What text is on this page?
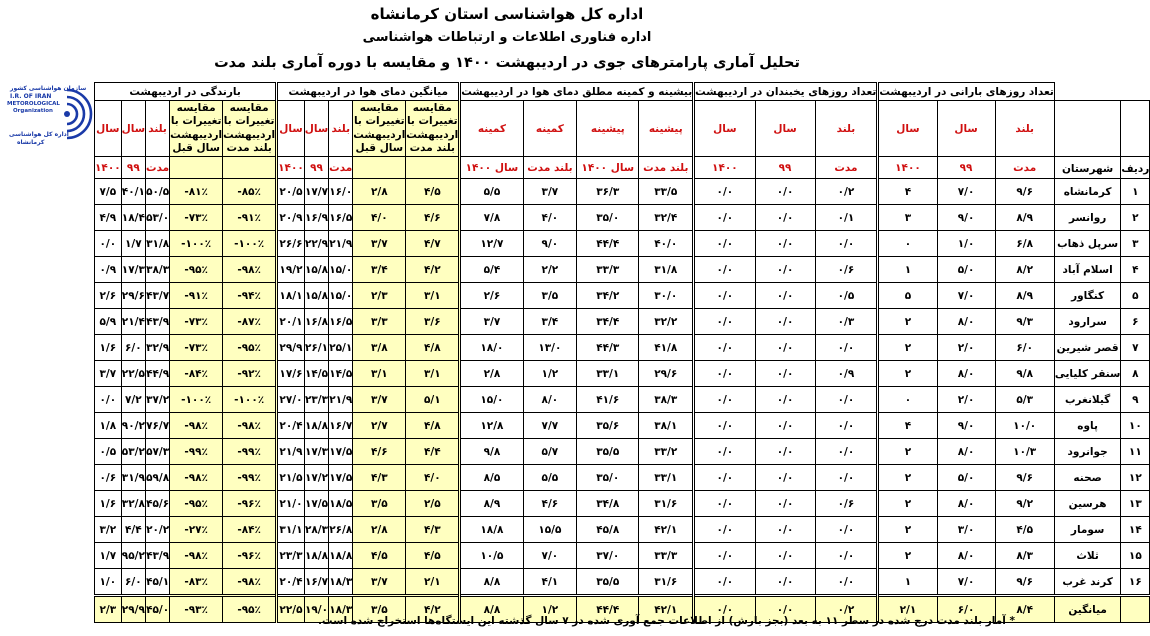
اداره کل هواشناسی استان کرمانشاه
اداره فناوری اطلاعات و ارتباطات هواشناسی
تحلیل آماری پارامترهای جوی در اردیبهشت ۱۴۰۰ و مقایسه با دوره آماری بلند مدت
سازمان هواشناسی کشور
I.R. OF IRAN
METOROLOGICAL
Organization
اداره کل هواشناسی
کرمانشاه
بارندگی در اردیبهشت					میانگین دمای هوا در اردیبهشت					بیشینه و کمینه مطلق دمای هوا در اردیبهشت				تعداد روزهای یخبندان در اردیبهشت			تعداد روزهای بارانی در اردیبهشت				
سال	سال	بلند	مقایسه تغییرات با اردیبهشت سال قبل	مقایسه تغییرات با اردیبهشت بلند مدت	سال	سال	بلند	مقایسه تغییرات با اردیبهشت سال قبل	مقایسه تغییرات با اردیبهشت بلند مدت	کمینه	کمینه	پیشینه	پیشینه	سال	سال	بلند	سال	سال	بلند		
۱۴۰۰	۹۹	مدت			۱۴۰۰	۹۹	مدت			سال ۱۴۰۰	بلند مدت	سال ۱۴۰۰	بلند مدت	۱۴۰۰	۹۹	مدت	۱۴۰۰	۹۹	مدت	شهرستان	ردیف
۷/۵	۴۰/۱	۵۰/۵	-۸۱٪	-۸۵٪	۲۰/۵	۱۷/۷	۱۶/۰	۲/۸	۴/۵	۵/۵	۳/۷	۳۶/۳	۳۳/۵	۰/۰	۰/۰	۰/۲	۴	۷/۰	۹/۶	کرمانشاه	۱
۴/۹	۱۸/۴	۵۳/۰	-۷۳٪	-۹۱٪	۲۰/۹	۱۶/۹	۱۶/۵	۴/۰	۴/۶	۷/۸	۴/۰	۳۵/۰	۳۲/۴	۰/۰	۰/۰	۰/۱	۳	۹/۰	۸/۹	روانسر	۲
۰/۰	۱/۷	۳۱/۸	-۱۰۰٪	-۱۰۰٪	۲۶/۶	۲۲/۹	۲۱/۹	۳/۷	۴/۷	۱۲/۷	۹/۰	۴۴/۴	۴۰/۰	۰/۰	۰/۰	۰/۰	۰	۱/۰	۶/۸	سرپل ذهاب	۳
۰/۹	۱۷/۳	۳۸/۳	-۹۵٪	-۹۸٪	۱۹/۲	۱۵/۸	۱۵/۰	۳/۴	۴/۲	۵/۴	۲/۲	۳۳/۳	۳۱/۸	۰/۰	۰/۰	۰/۶	۱	۵/۰	۸/۲	اسلام آباد	۴
۲/۶	۲۹/۶	۴۳/۷	-۹۱٪	-۹۴٪	۱۸/۱	۱۵/۸	۱۵/۰	۲/۳	۳/۱	۲/۶	۳/۵	۳۴/۲	۳۰/۰	۰/۰	۰/۰	۰/۵	۵	۷/۰	۸/۹	کنگاور	۵
۵/۹	۲۱/۴	۴۳/۹	-۷۳٪	-۸۷٪	۲۰/۱	۱۶/۸	۱۶/۵	۳/۳	۳/۶	۳/۷	۳/۴	۳۴/۴	۳۲/۲	۰/۰	۰/۰	۰/۳	۲	۸/۰	۹/۳	سرارود	۶
۱/۶	۶/۰	۳۲/۹	-۷۳٪	-۹۵٪	۲۹/۹	۲۶/۱	۲۵/۱	۳/۸	۴/۸	۱۸/۰	۱۳/۰	۴۴/۳	۴۱/۸	۰/۰	۰/۰	۰/۰	۲	۲/۰	۶/۰	قصر شیرین	۷
۳/۷	۲۲/۵	۴۴/۹	-۸۴٪	-۹۲٪	۱۷/۶	۱۴/۵	۱۴/۵	۳/۱	۳/۱	۲/۸	۱/۲	۳۳/۱	۲۹/۶	۰/۰	۰/۰	۰/۹	۲	۸/۰	۹/۸	سنقر کلیایی	۸
۰/۰	۷/۲	۳۷/۲	-۱۰۰٪	-۱۰۰٪	۲۷/۰	۲۳/۳	۲۱/۹	۳/۷	۵/۱	۱۵/۰	۸/۰	۴۱/۶	۳۸/۳	۰/۰	۰/۰	۰/۰	۰	۲/۰	۵/۳	گیلانغرب	۹
۱/۸	۹۰/۲	۷۶/۷	-۹۸٪	-۹۸٪	۲۰/۴	۱۸/۸	۱۶/۷	۲/۷	۴/۸	۱۲/۸	۷/۷	۳۵/۶	۳۸/۱	۰/۰	۰/۰	۰/۰	۴	۹/۰	۱۰/۰	پاوه	۱۰
۰/۵	۵۳/۲	۵۷/۳	-۹۹٪	-۹۹٪	۲۱/۹	۱۷/۳	۱۷/۵	۴/۶	۴/۴	۹/۸	۵/۷	۳۵/۵	۳۳/۲	۰/۰	۰/۰	۰/۰	۲	۸/۰	۱۰/۳	جوانرود	۱۱
۰/۶	۳۱/۹	۵۹/۸	-۹۸٪	-۹۹٪	۲۱/۵	۱۷/۲	۱۷/۵	۴/۳	۴/۰	۸/۵	۵/۵	۳۵/۰	۳۳/۱	۰/۰	۰/۰	۰/۰	۲	۵/۰	۹/۶	صحنه	۱۲
۱/۶	۳۲/۸	۴۵/۶	-۹۵٪	-۹۶٪	۲۱/۰	۱۷/۵	۱۸/۵	۳/۵	۲/۵	۸/۹	۴/۶	۳۴/۸	۳۱/۶	۰/۰	۰/۰	۰/۶	۲	۸/۰	۹/۲	هرسین	۱۳
۳/۲	۴/۴	۲۰/۲	-۲۷٪	-۸۴٪	۳۱/۱	۲۸/۳	۲۶/۸	۲/۸	۴/۳	۱۸/۸	۱۵/۵	۴۵/۸	۴۲/۱	۰/۰	۰/۰	۰/۰	۲	۳/۰	۴/۵	سومار	۱۴
۱/۷	۹۵/۲	۴۳/۹	-۹۸٪	-۹۶٪	۲۳/۳	۱۸/۸	۱۸/۸	۴/۵	۴/۵	۱۰/۵	۷/۰	۳۷/۰	۳۳/۳	۰/۰	۰/۰	۰/۰	۲	۸/۰	۸/۳	ثلاث	۱۵
۱/۰	۶/۰	۴۵/۱	-۸۳٪	-۹۸٪	۲۰/۴	۱۶/۷	۱۸/۳	۳/۷	۲/۱	۸/۸	۴/۱	۳۵/۵	۳۱/۶	۰/۰	۰/۰	۰/۰	۱	۷/۰	۹/۶	کرند غرب	۱۶
۲/۳	۲۹/۹	۴۵/۰	-۹۳٪	-۹۵٪	۲۲/۵	۱۹/۰	۱۸/۳	۳/۵	۴/۲	۸/۸	۱/۲	۴۴/۴	۴۲/۱	۰/۰	۰/۰	۰/۲	۲/۱	۶/۰	۸/۴	میانگین	
* آمار بلند مدت درج شده در سطر ۱۱ به بعد (بجز بارش) از اطلاعات جمع آوری شده در ۷ سال گذشته این ایستگاه‌ها استخراج شده است.
